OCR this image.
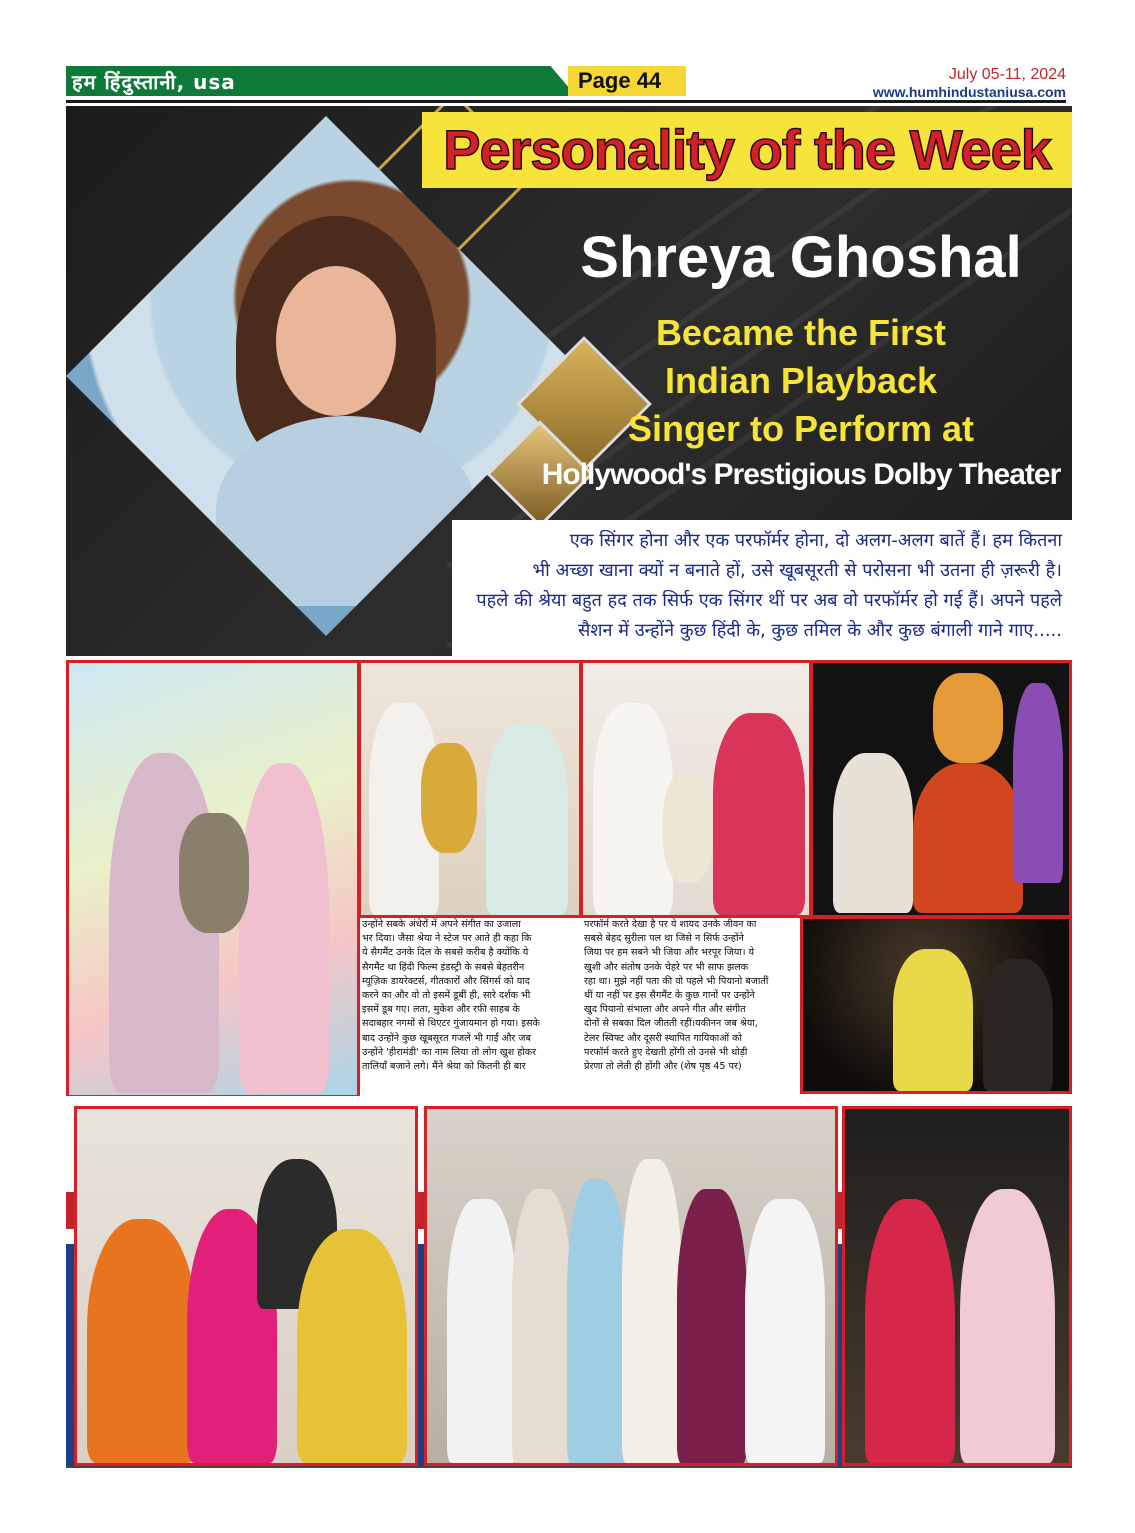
हम हिंदुस्तानी, usa	Page 44	July 05-11, 2024
www.humhindustaniusa.com
Personality of the Week
Shreya Ghoshal
Became the First
Indian Playback
Singer to Perform at
Hollywood's Prestigious Dolby Theater
एक सिंगर होना और एक परफॉर्मर होना, दो अलग-अलग बातें हैं। हम कितना
भी अच्छा खाना क्यों न बनाते हों, उसे खूबसूरती से परोसना भी उतना ही ज़रूरी है।
पहले की श्रेया बहुत हद तक सिर्फ एक सिंगर थीं पर अब वो परफॉर्मर हो गई हैं। अपने पहले
सैशन में उन्होंने कुछ हिंदी के, कुछ तमिल के और कुछ बंगाली गाने गाए.....
उन्होंने सबके अंधेरों में अपने संगीत का उजाला
भर दिया। जैसा श्रेया ने स्टेज पर आते ही कहा कि
ये सैगमैंट उनके दिल के सबसे करीब है क्योंकि ये
सैगमैंट था हिंदी फिल्म इंडस्ट्री के सबसे बेहतरीन
म्यूज़िक डायरेक्टर्स, गीतकारों और सिंगर्स को याद
करने का और वो तो इसमें डूबीं ही, सारे दर्शक भी
इसमें डूब गए। लता, मुकेश और रफी साहब के
सदाबहार नगमों से थिएटर गुंजायमान हो गया। इसके
बाद उन्होंने कुछ खूबसूरत गजलें भी गाईं और जब
उन्होंने 'हीरामंडी' का नाम लिया तो लोग खुश होकर
तालियाँ बजाने लगे। मैंने श्रेया को कितनी ही बार
परफॉर्म करते देखा है पर ये शायद उनके जीवन का
सबसे बेहद सुरीला पल था जिसे न सिर्फ उन्होंने
जिया पर हम सबने भी जिया और भरपूर जिया। ये
खुशी और संतोष उनके चेहरे पर भी साफ झलक
रहा था। मुझे नहीं पता की वो पहले भी पियानो बजातीं
थीं या नहीं पर इस सैगमैंट के कुछ गानों पर उन्होंने
खुद पियानो संभाला और अपने गीत और संगीत
दोनों से सबका दिल जीतती रहीं।यकीनन जब श्रेया,
टेलर स्विफ्ट और दूसरी स्थापित गायिकाओं को
परफॉर्म करते हुए देखती होंगी तो उनसे भी थोड़ी
प्रेरणा तो लेती ही होंगी और (शेष पृष्ठ 45 पर)
